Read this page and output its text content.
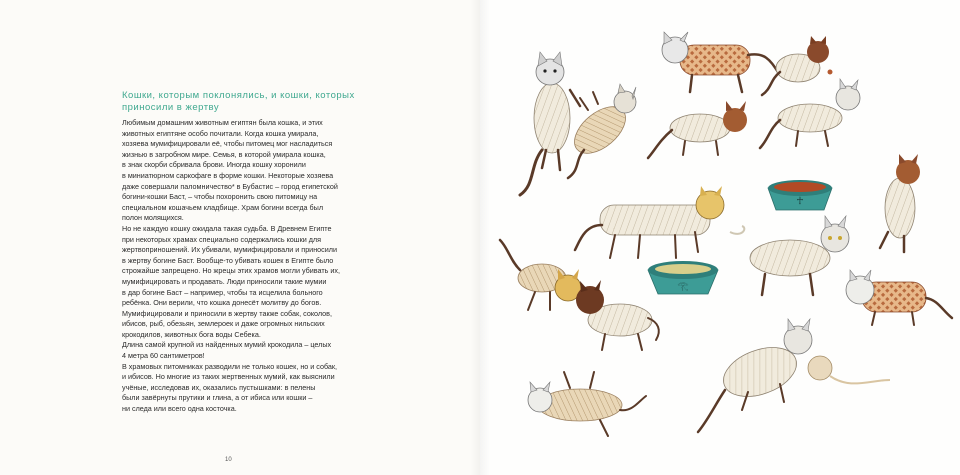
Кошки, которым поклонялись, и кошки, которых
приносили в жертву
Любимым домашним животным египтян была кошка, и этих
животных египтяне особо почитали. Когда кошка умирала,
хозяева мумифицировали её, чтобы питомец мог насладиться
жизнью в загробном мире. Семья, в которой умирала кошка,
в знак скорби сбривала брови. Иногда кошку хоронили
в миниатюрном саркофаге в форме кошки. Некоторые хозяева
даже совершали паломничество* в Бубастис – город египетской
богини-кошки Баст, – чтобы похоронить свою питомицу на
специальном кошачьем кладбище. Храм богини всегда был
полон молящихся.
Но не каждую кошку ожидала такая судьба. В Древнем Египте
при некоторых храмах специально содержались кошки для
жертвоприношений. Их убивали, мумифицировали и приносили
в жертву богине Баст. Вообще-то убивать кошек в Египте было
строжайше запрещено. Но жрецы этих храмов могли убивать их,
мумифицировать и продавать. Люди приносили такие мумии
в дар богине Баст – например, чтобы та исцелила больного
ребёнка. Они верили, что кошка донесёт молитву до богов.
Мумифицировали и приносили в жертву также собак, соколов,
ибисов, рыб, обезьян, землероек и даже огромных нильских
крокодилов, животных бога воды Себека.
Длина самой крупной из найденных мумий крокодила – целых
4 метра 60 сантиметров!
В храмовых питомниках разводили не только кошек, но и собак,
и ибисов. Но многие из таких жертвенных мумий, как выяснили
учёные, исследовав их, оказались пустышками: в пелены
были завёрнуты прутики и глина, а от ибиса или кошки –
ни следа или всего одна косточка.
10
☥
𓂀
